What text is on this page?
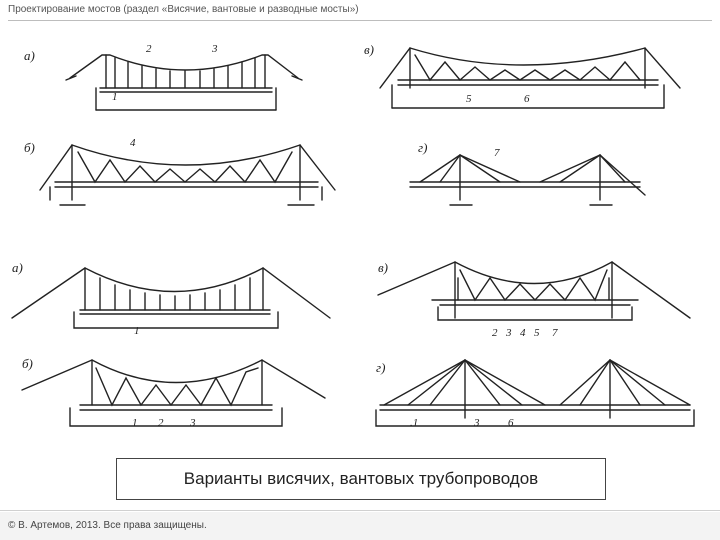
Проектирование мостов (раздел «Висячие, вантовые и разводные мосты»)
а)
1
2	3	в)
5	6
б)	4	г)	7
а)
1
в)
2 3 4 5 7
б)
1 2 3
г)
.1	3	6
Варианты висячих, вантовых трубопроводов
© В. Артемов, 2013. Все права защищены.
